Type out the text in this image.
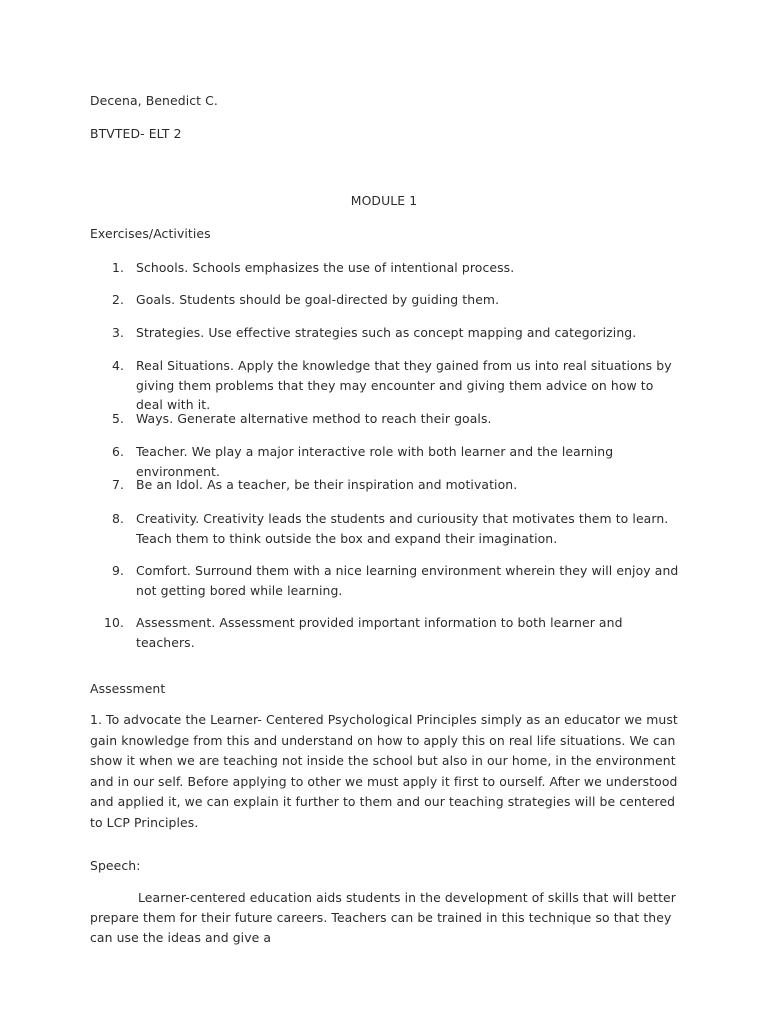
Decena, Benedict C.
BTVTED- ELT 2
MODULE 1
Exercises/Activities
1. Schools. Schools emphasizes the use of intentional process.
2. Goals. Students should be goal-directed by guiding them.
3. Strategies. Use effective strategies such as concept mapping and categorizing.
4. Real Situations. Apply the knowledge that they gained from us into real situations by giving them problems that they may encounter and giving them advice on how to deal with it.
5. Ways. Generate alternative method to reach their goals.
6. Teacher. We play a major interactive role with both learner and the learning environment.
7. Be an Idol. As a teacher, be their inspiration and motivation.
8. Creativity. Creativity leads the students and curiousity that motivates them to learn. Teach them to think outside the box and expand their imagination.
9. Comfort. Surround them with a nice learning environment wherein they will enjoy and not getting bored while learning.
10. Assessment. Assessment provided important information to both learner and teachers.
Assessment
1. To advocate the Learner- Centered Psychological Principles simply as an educator we must gain knowledge from this and understand on how to apply this on real life situations. We can show it when we are teaching not inside the school but also in our home, in the environment and in our self. Before applying to other we must apply it first to ourself. After we understood and applied it, we can explain it further to them and our teaching strategies will be centered to LCP Principles.
Speech:
Learner-centered education aids students in the development of skills that will better prepare them for their future careers. Teachers can be trained in this technique so that they can use the ideas and give a
